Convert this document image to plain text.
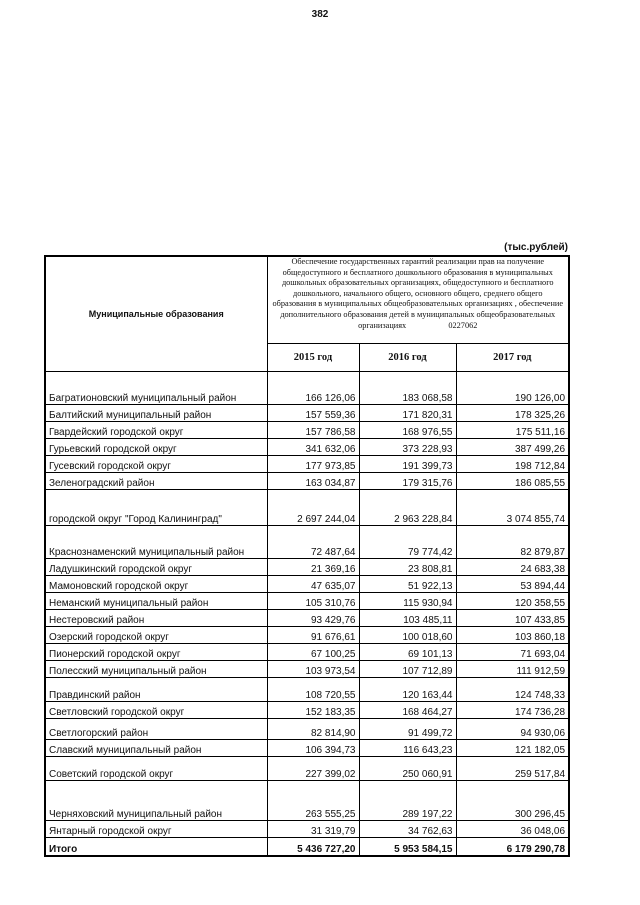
382
(тыс.рублей)
Муниципальные образования	Обеспечение государственных гарантий реализации прав на получение общедоступного и бесплатного дошкольного образования в муниципальных дошкольных образовательных организациях, общедоступного и бесплатного дошкольного, начального общего, основного общего, среднего общего образования в муниципальных общеобразовательных организациях , обеспечение дополнительного образования детей в муниципальных общеобразовательных организациях 0227062		
	2015 год	2016 год	2017 год
Багратионовский муниципальный район	166 126,06	183 068,58	190 126,00
Балтийский муниципальный район	157 559,36	171 820,31	178 325,26
Гвардейский городской округ	157 786,58	168 976,55	175 511,16
Гурьевский городской округ	341 632,06	373 228,93	387 499,26
Гусевский городской округ	177 973,85	191 399,73	198 712,84
Зеленоградский район	163 034,87	179 315,76	186 085,55
городской округ "Город Калининград"	2 697 244,04	2 963 228,84	3 074 855,74
Краснознаменский муниципальный район	72 487,64	79 774,42	82 879,87
Ладушкинский городской округ	21 369,16	23 808,81	24 683,38
Мамоновский городской округ	47 635,07	51 922,13	53 894,44
Неманский муниципальный район	105 310,76	115 930,94	120 358,55
Нестеровский район	93 429,76	103 485,11	107 433,85
Озерский городской округ	91 676,61	100 018,60	103 860,18
Пионерский городской округ	67 100,25	69 101,13	71 693,04
Полесский муниципальный район	103 973,54	107 712,89	111 912,59
Правдинский район	108 720,55	120 163,44	124 748,33
Светловский городской округ	152 183,35	168 464,27	174 736,28
Светлогорский район	82 814,90	91 499,72	94 930,06
Славский муниципальный район	106 394,73	116 643,23	121 182,05
Советский городской округ	227 399,02	250 060,91	259 517,84
Черняховский муниципальный район	263 555,25	289 197,22	300 296,45
Янтарный городской округ	31 319,79	34 762,63	36 048,06
Итого	5 436 727,20	5 953 584,15	6 179 290,78
